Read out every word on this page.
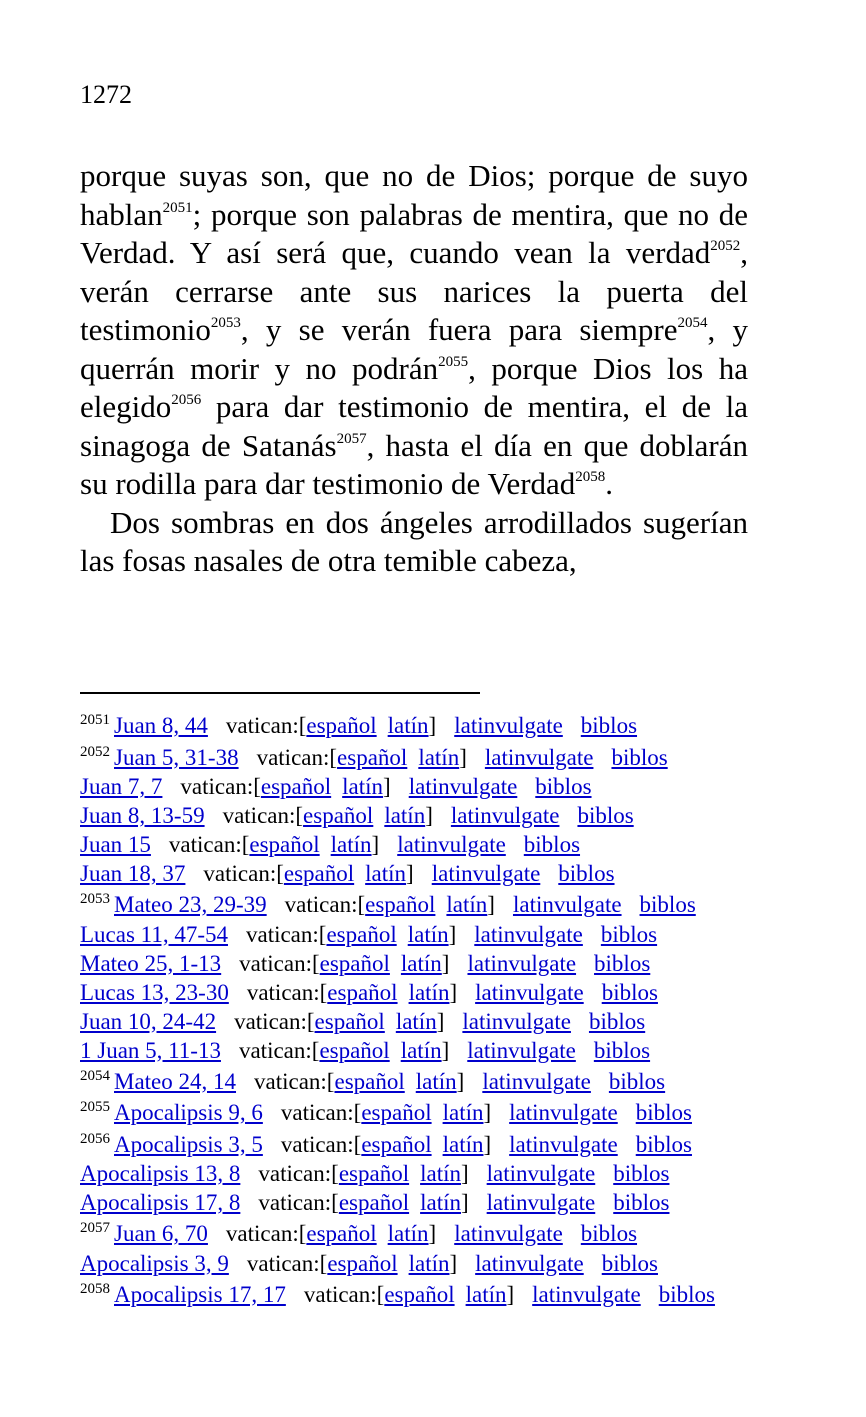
1272

porque suyas son, que no de Dios; porque de suyo hablan$^{2051}$; porque son palabras de mentira, que no de Verdad. Y así será que, cuando vean la verdad$^{2052}$, verán cerrarse ante sus narices la puerta del testimonio$^{2053}$, y se verán fuera para siempre$^{2054}$, y querrán morir y no podrán$^{2055}$, porque Dios los ha elegido$^{2056}$ para dar testimonio de mentira, el de la sinagoga de Satanás$^{2057}$, hasta el día en que doblarán su rodilla para dar testimonio de Verdad$^{2058}$.

Dos sombras en dos ángeles arrodillados sugerían las fosas nasales de otra temible cabeza,

$^{2051}$ Juan 8, 44 vatican:[español latín] latinvulgate biblos
$^{2052}$ Juan 5, 31-38 vatican:[español latín] latinvulgate biblos
Juan 7, 7 vatican:[español latín] latinvulgate biblos
Juan 8, 13-59 vatican:[español latín] latinvulgate biblos
Juan 15 vatican:[español latín] latinvulgate biblos
Juan 18, 37 vatican:[español latín] latinvulgate biblos
$^{2053}$ Mateo 23, 29-39 vatican:[español latín] latinvulgate biblos
Lucas 11, 47-54 vatican:[español latín] latinvulgate biblos
Mateo 25, 1-13 vatican:[español latín] latinvulgate biblos
Lucas 13, 23-30 vatican:[español latín] latinvulgate biblos
Juan 10, 24-42 vatican:[español latín] latinvulgate biblos
1 Juan 5, 11-13 vatican:[español latín] latinvulgate biblos
$^{2054}$ Mateo 24, 14 vatican:[español latín] latinvulgate biblos
$^{2055}$ Apocalipsis 9, 6 vatican:[español latín] latinvulgate biblos
$^{2056}$ Apocalipsis 3, 5 vatican:[español latín] latinvulgate biblos
Apocalipsis 13, 8 vatican:[español latín] latinvulgate biblos
Apocalipsis 17, 8 vatican:[español latín] latinvulgate biblos
$^{2057}$ Juan 6, 70 vatican:[español latín] latinvulgate biblos
Apocalipsis 3, 9 vatican:[español latín] latinvulgate biblos
$^{2058}$ Apocalipsis 17, 17 vatican:[español latín] latinvulgate biblos
